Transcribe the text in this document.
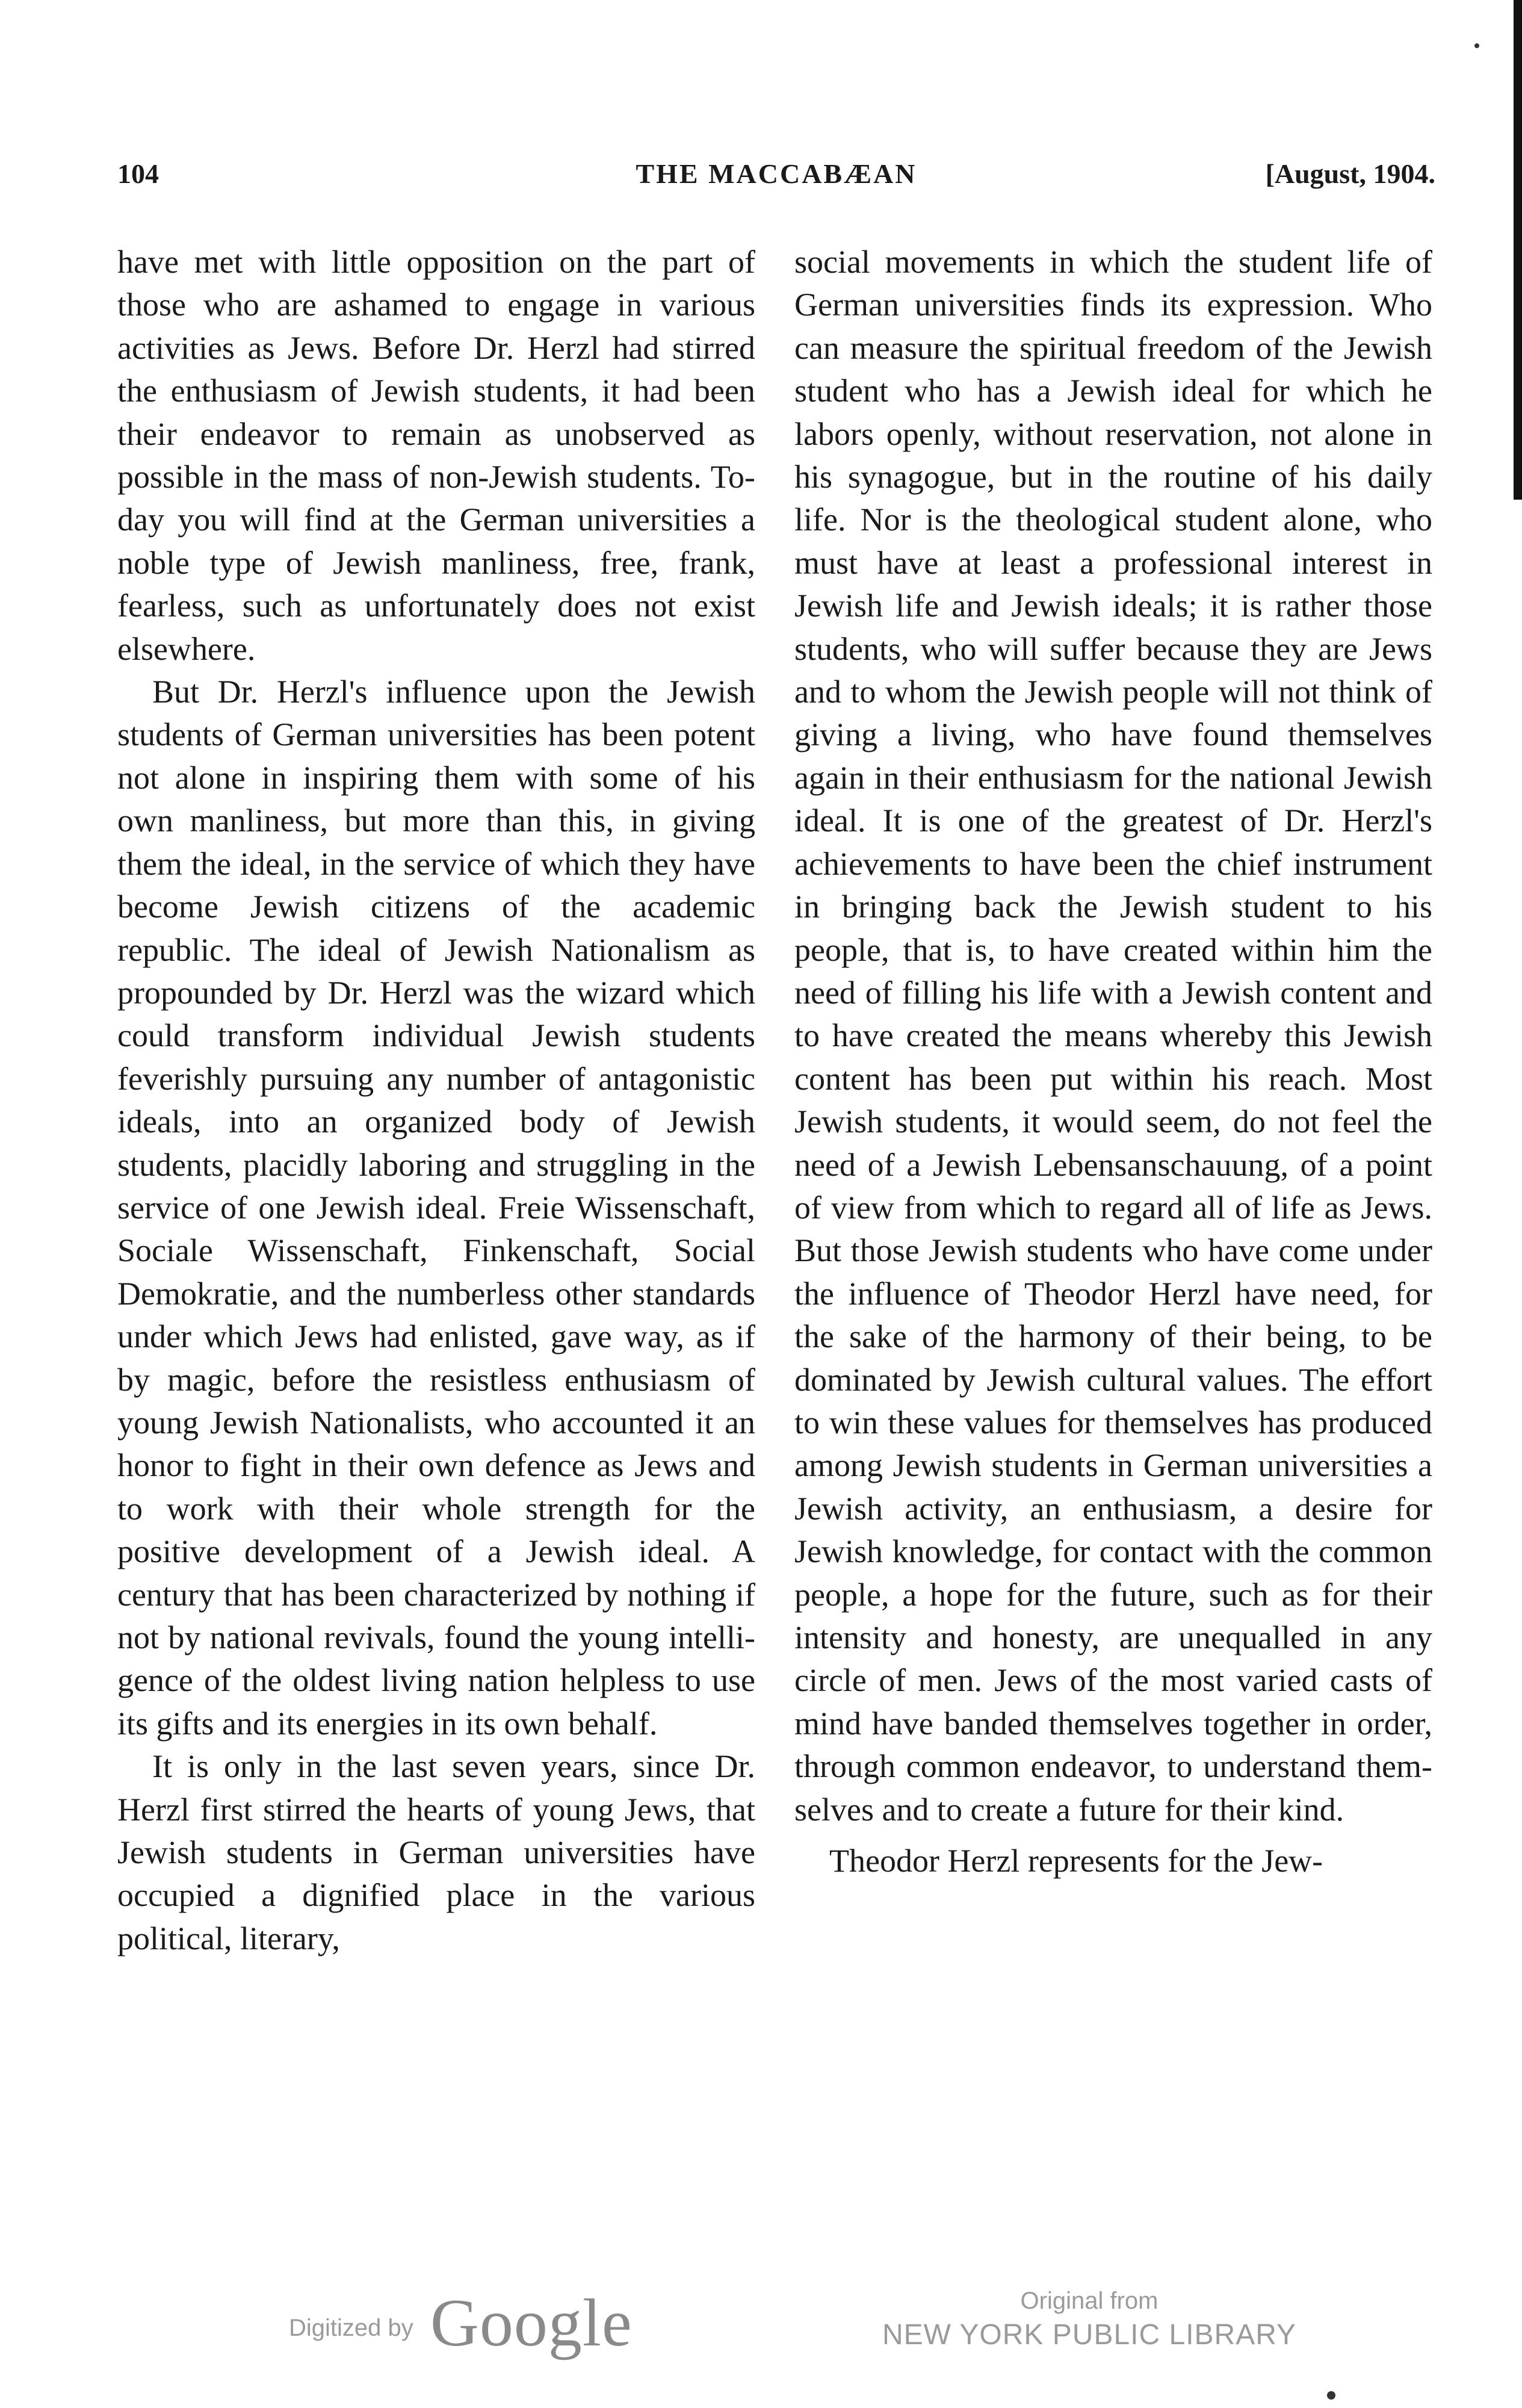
104	THE MACCABÆAN	[August, 1904.

have met with little opposition on the part of those who are ashamed to engage in various activities as Jews. Before Dr. Herzl had stirred the enthusiasm of Jewish students, it had been their endeavor to remain as unobserved as possible in the mass of non-Jewish students. To-day you will find at the German universities a noble type of Jewish manliness, free, frank, fearless, such as unfortunately does not exist elsewhere.

But Dr. Herzl's influence upon the Jewish students of German universities has been potent not alone in inspiring them with some of his own manliness, but more than this, in giving them the ideal, in the service of which they have become Jewish citizens of the academic republic. The ideal of Jewish Nationalism as propounded by Dr. Herzl was the wizard which could transform individual Jewish students feverishly pursuing any number of antagonistic ideals, into an organized body of Jewish students, placidly laboring and struggling in the service of one Jewish ideal. Freie Wissenschaft, Sociale Wissenschaft, Finkenschaft, Social Demokratie, and the numberless other standards under which Jews had enlisted, gave way, as if by magic, before the resistless enthusiasm of young Jewish Nationalists, who accounted it an honor to fight in their own defence as Jews and to work with their whole strength for the positive development of a Jewish ideal. A century that has been characterized by nothing if not by national revivals, found the young intelligence of the oldest living nation helpless to use its gifts and its energies in its own behalf.

It is only in the last seven years, since Dr. Herzl first stirred the hearts of young Jews, that Jewish students in German universities have occupied a dignified place in the various political, literary,

social movements in which the student life of German universities finds its expression. Who can measure the spiritual freedom of the Jewish student who has a Jewish ideal for which he labors openly, without reservation, not alone in his synagogue, but in the routine of his daily life. Nor is the theological student alone, who must have at least a professional interest in Jewish life and Jewish ideals; it is rather those students, who will suffer because they are Jews and to whom the Jewish people will not think of giving a living, who have found themselves again in their enthusiasm for the national Jewish ideal. It is one of the greatest of Dr. Herzl's achievements to have been the chief instrument in bringing back the Jewish student to his people, that is, to have created within him the need of filling his life with a Jewish content and to have created the means whereby this Jewish content has been put within his reach. Most Jewish students, it would seem, do not feel the need of a Jewish Lebensanschauung, of a point of view from which to regard all of life as Jews. But those Jewish students who have come under the influence of Theodor Herzl have need, for the sake of the harmony of their being, to be dominated by Jewish cultural values. The effort to win these values for themselves has produced among Jewish students in German universities a Jewish activity, an enthusiasm, a desire for Jewish knowledge, for contact with the common people, a hope for the future, such as for their intensity and honesty, are unequalled in any circle of men. Jews of the most varied casts of mind have banded themselves together in order, through common endeavor, to understand themselves and to create a future for their kind.

Theodor Herzl represents for the Jew-

Digitized by Google	Original from
NEW YORK PUBLIC LIBRARY
